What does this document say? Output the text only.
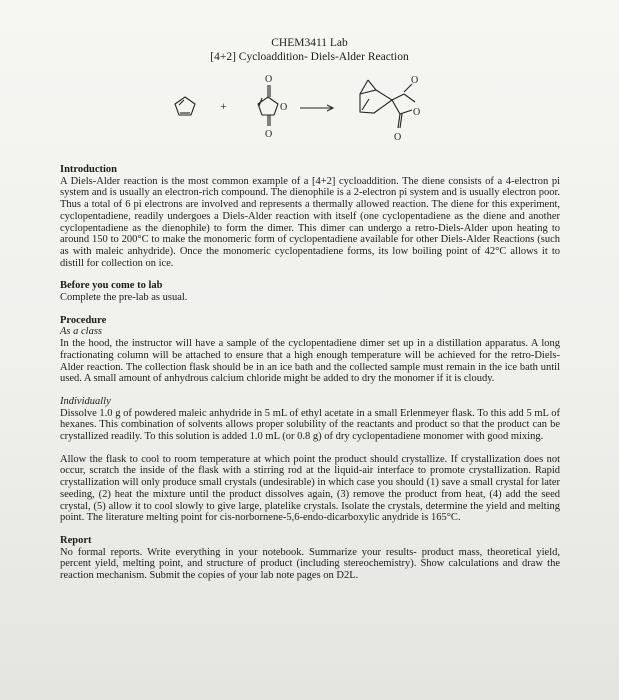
CHEM3411 Lab
[4+2] Cycloaddition- Diels-Alder Reaction
+
O
O
O
O
O
O
Introduction

A Diels-Alder reaction is the most common example of a [4+2] cycloaddition. The diene consists of a 4-electron pi system and is usually an electron-rich compound. The dienophile is a 2-electron pi system and is usually electron poor. Thus a total of 6 pi electrons are involved and represents a thermally allowed reaction. The diene for this experiment, cyclopentadiene, readily undergoes a Diels-Alder reaction with itself (one cyclopentadiene as the diene and another cyclopentadiene as the dienophile) to form the dimer. This dimer can undergo a retro-Diels-Alder upon heating to around 150 to 200°C to make the monomeric form of cyclopentadiene available for other Diels-Alder Reactions (such as with maleic anhydride). Once the monomeric cyclopentadiene forms, its low boiling point of 42°C allows it to distill for collection on ice.

Before you come to lab

Complete the pre-lab as usual.

Procedure
As a class

In the hood, the instructor will have a sample of the cyclopentadiene dimer set up in a distillation apparatus. A long fractionating column will be attached to ensure that a high enough temperature will be achieved for the retro-Diels-Alder reaction. The collection flask should be in an ice bath and the collected sample must remain in the ice bath until used. A small amount of anhydrous calcium chloride might be added to dry the monomer if it is cloudy.

Individually

Dissolve 1.0 g of powdered maleic anhydride in 5 mL of ethyl acetate in a small Erlenmeyer flask. To this add 5 mL of hexanes. This combination of solvents allows proper solubility of the reactants and product so that the product can be crystallized readily. To this solution is added 1.0 mL (or 0.8 g) of dry cyclopentadiene monomer with good mixing.

Allow the flask to cool to room temperature at which point the product should crystallize. If crystallization does not occur, scratch the inside of the flask with a stirring rod at the liquid-air interface to promote crystallization. Rapid crystallization will only produce small crystals (undesirable) in which case you should (1) save a small crystal for later seeding, (2) heat the mixture until the product dissolves again, (3) remove the product from heat, (4) add the seed crystal, (5) allow it to cool slowly to give large, platelike crystals. Isolate the crystals, determine the yield and melting point. The literature melting point for cis-norbornene-5,6-endo-dicarboxylic anydride is 165°C.

Report

No formal reports. Write everything in your notebook. Summarize your results- product mass, theoretical yield, percent yield, melting point, and structure of product (including stereochemistry). Show calculations and draw the reaction mechanism. Submit the copies of your lab note pages on D2L.
